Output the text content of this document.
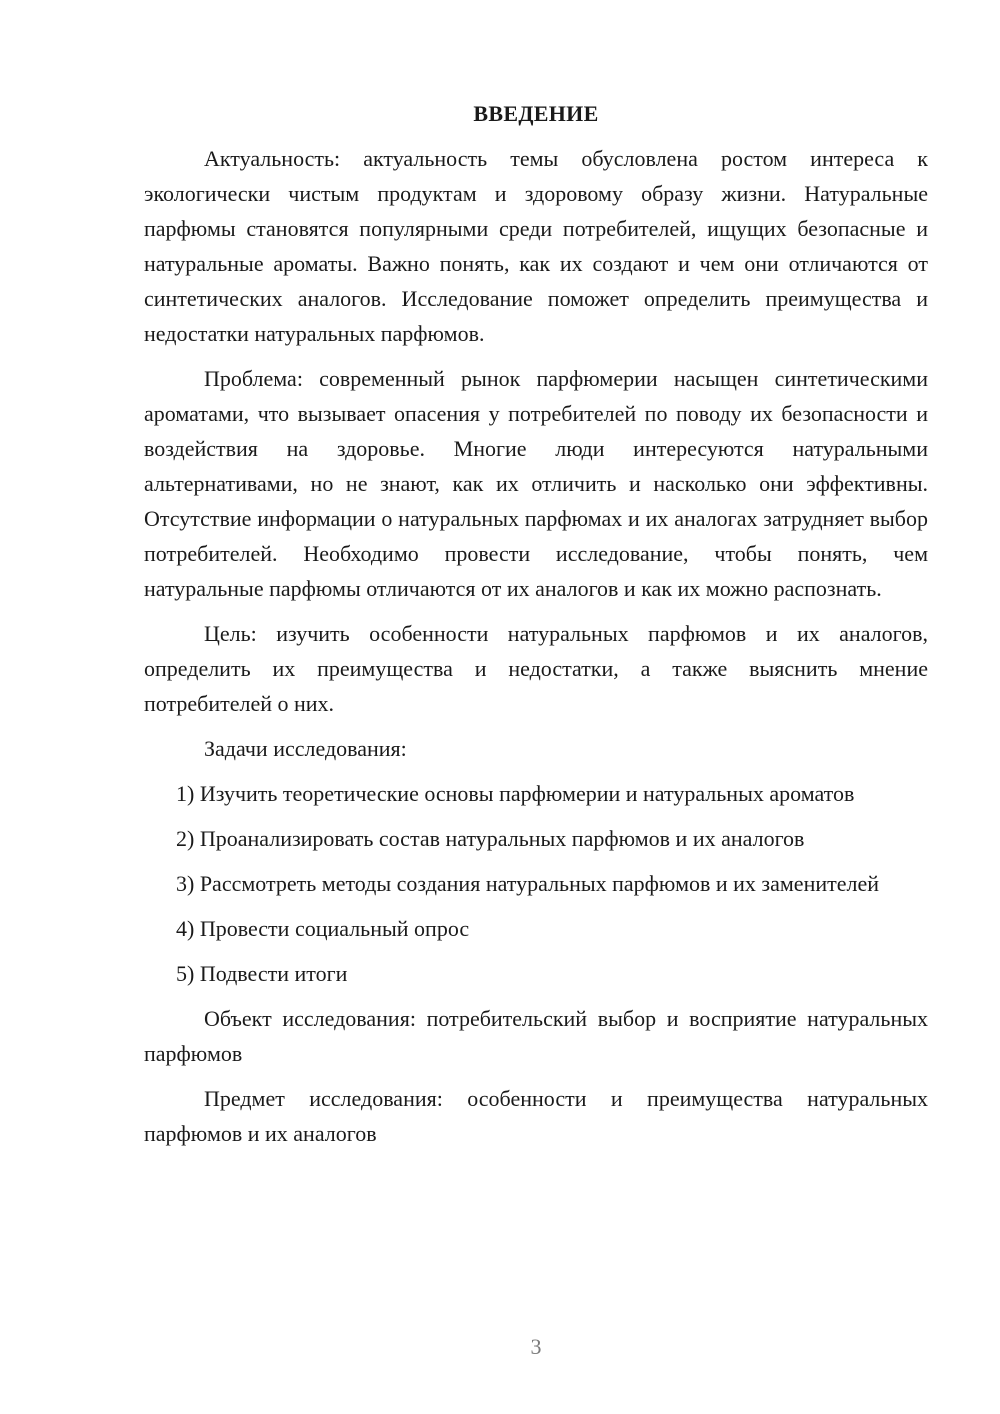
ВВЕДЕНИЕ
Актуальность: актуальность темы обусловлена ростом интереса к экологически чистым продуктам и здоровому образу жизни. Натуральные парфюмы становятся популярными среди потребителей, ищущих безопасные и натуральные ароматы. Важно понять, как их создают и чем они отличаются от синтетических аналогов. Исследование поможет определить преимущества и недостатки натуральных парфюмов.
Проблема: современный рынок парфюмерии насыщен синтетическими ароматами, что вызывает опасения у потребителей по поводу их безопасности и воздействия на здоровье. Многие люди интересуются натуральными альтернативами, но не знают, как их отличить и насколько они эффективны. Отсутствие информации о натуральных парфюмах и их аналогах затрудняет выбор потребителей. Необходимо провести исследование, чтобы понять, чем натуральные парфюмы отличаются от их аналогов и как их можно распознать.
Цель: изучить особенности натуральных парфюмов и их аналогов, определить их преимущества и недостатки, а также выяснить мнение потребителей о них.
Задачи исследования:
1) Изучить теоретические основы парфюмерии и натуральных ароматов
2) Проанализировать состав натуральных парфюмов и их аналогов
3) Рассмотреть методы создания натуральных парфюмов и их заменителей
4) Провести социальный опрос
5) Подвести итоги
Объект исследования: потребительский выбор и восприятие натуральных парфюмов
Предмет исследования: особенности и преимущества натуральных парфюмов и их аналогов
3
